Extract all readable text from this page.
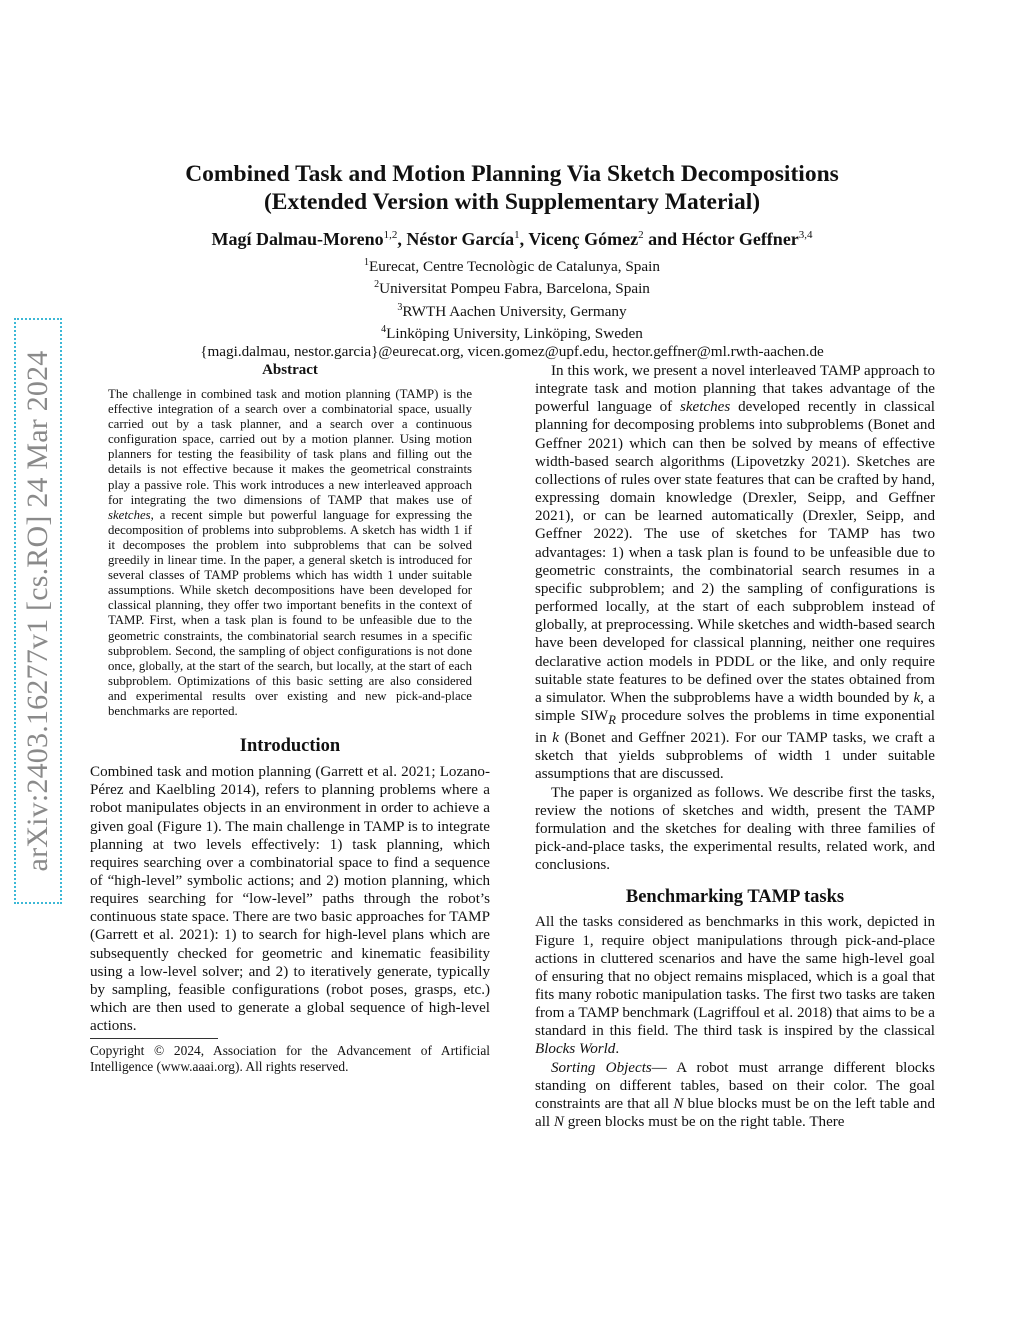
arXiv:2403.16277v1 [cs.RO] 24 Mar 2024
Combined Task and Motion Planning Via Sketch Decompositions
(Extended Version with Supplementary Material)
Magí Dalmau-Moreno$^{1,2}$, Néstor García$^1$, Vicenç Gómez$^2$ and Héctor Geffner$^{3,4}$
$^1$Eurecat, Centre Tecnològic de Catalunya, Spain
$^2$Universitat Pompeu Fabra, Barcelona, Spain
$^3$RWTH Aachen University, Germany
$^4$Linköping University, Linköping, Sweden
{magi.dalmau, nestor.garcia}@eurecat.org, vicen.gomez@upf.edu, hector.geffner@ml.rwth-aachen.de
Abstract

The challenge in combined task and motion planning (TAMP) is the effective integration of a search over a combinatorial space, usually carried out by a task planner, and a search over a continuous configuration space, carried out by a motion planner. Using motion planners for testing the feasibility of task plans and filling out the details is not effective because it makes the geometrical constraints play a passive role. This work introduces a new interleaved approach for integrating the two dimensions of TAMP that makes use of sketches, a recent simple but powerful language for expressing the decomposition of problems into subproblems. A sketch has width 1 if it decomposes the problem into subproblems that can be solved greedily in linear time. In the paper, a general sketch is introduced for several classes of TAMP problems which has width 1 under suitable assumptions. While sketch decompositions have been developed for classical planning, they offer two important benefits in the context of TAMP. First, when a task plan is found to be unfeasible due to the geometric constraints, the combinatorial search resumes in a specific subproblem. Second, the sampling of object configurations is not done once, globally, at the start of the search, but locally, at the start of each subproblem. Optimizations of this basic setting are also considered and experimental results over existing and new pick-and-place benchmarks are reported.

Introduction

Combined task and motion planning (Garrett et al. 2021; Lozano-Pérez and Kaelbling 2014), refers to planning problems where a robot manipulates objects in an environment in order to achieve a given goal (Figure 1). The main challenge in TAMP is to integrate planning at two levels effectively: 1) task planning, which requires searching over a combinatorial space to find a sequence of “high-level” symbolic actions; and 2) motion planning, which requires searching for “low-level” paths through the robot’s continuous state space. There are two basic approaches for TAMP (Garrett et al. 2021): 1) to search for high-level plans which are subsequently checked for geometric and kinematic feasibility using a low-level solver; and 2) to iteratively generate, typically by sampling, feasible configurations (robot poses, grasps, etc.) which are then used to generate a global sequence of high-level actions.

Copyright © 2024, Association for the Advancement of Artificial Intelligence (www.aaai.org). All rights reserved.

In this work, we present a novel interleaved TAMP approach to integrate task and motion planning that takes advantage of the powerful language of sketches developed recently in classical planning for decomposing problems into subproblems (Bonet and Geffner 2021) which can then be solved by means of effective width-based search algorithms (Lipovetzky 2021). Sketches are collections of rules over state features that can be crafted by hand, expressing domain knowledge (Drexler, Seipp, and Geffner 2021), or can be learned automatically (Drexler, Seipp, and Geffner 2022). The use of sketches for TAMP has two advantages: 1) when a task plan is found to be unfeasible due to geometric constraints, the combinatorial search resumes in a specific subproblem; and 2) the sampling of configurations is performed locally, at the start of each subproblem instead of globally, at preprocessing. While sketches and width-based search have been developed for classical planning, neither one requires declarative action models in PDDL or the like, and only require suitable state features to be defined over the states obtained from a simulator. When the subproblems have a width bounded by k, a simple $SIW_R$ procedure solves the problems in time exponential in k (Bonet and Geffner 2021). For our TAMP tasks, we craft a sketch that yields subproblems of width 1 under suitable assumptions that are discussed.

The paper is organized as follows. We describe first the tasks, review the notions of sketches and width, present the TAMP formulation and the sketches for dealing with three families of pick-and-place tasks, the experimental results, related work, and conclusions.

Benchmarking TAMP tasks

All the tasks considered as benchmarks in this work, depicted in Figure 1, require object manipulations through pick-and-place actions in cluttered scenarios and have the same high-level goal of ensuring that no object remains misplaced, which is a goal that fits many robotic manipulation tasks. The first two tasks are taken from a TAMP benchmark (Lagriffoul et al. 2018) that aims to be a standard in this field. The third task is inspired by the classical Blocks World.

Sorting Objects— A robot must arrange different blocks standing on different tables, based on their color. The goal constraints are that all N blue blocks must be on the left table and all N green blocks must be on the right table. There
